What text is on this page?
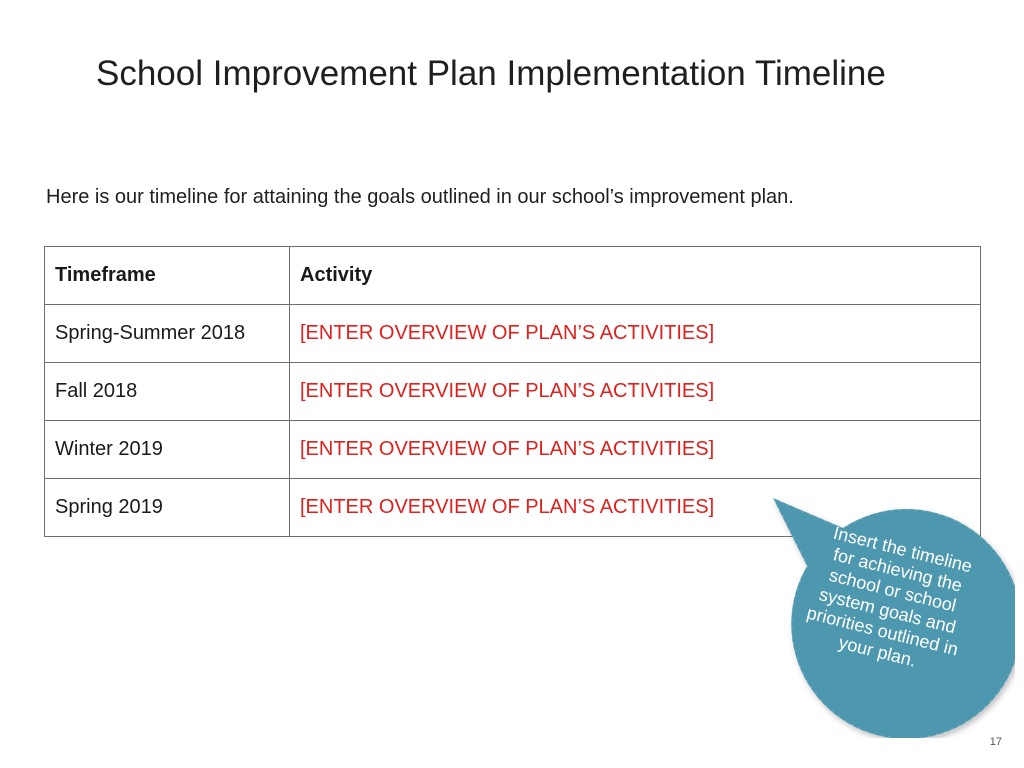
School Improvement Plan Implementation Timeline
Here is our timeline for attaining the goals outlined in our school’s improvement plan.
Timeframe	Activity
Spring-Summer 2018	[ENTER OVERVIEW OF PLAN’S ACTIVITIES]
Fall 2018	[ENTER OVERVIEW OF PLAN’S ACTIVITIES]
Winter 2019	[ENTER OVERVIEW OF PLAN’S ACTIVITIES]
Spring 2019	[ENTER OVERVIEW OF PLAN’S ACTIVITIES]
Insert the timeline
for achieving the
school or school
system goals and
priorities outlined in
your plan.
17
